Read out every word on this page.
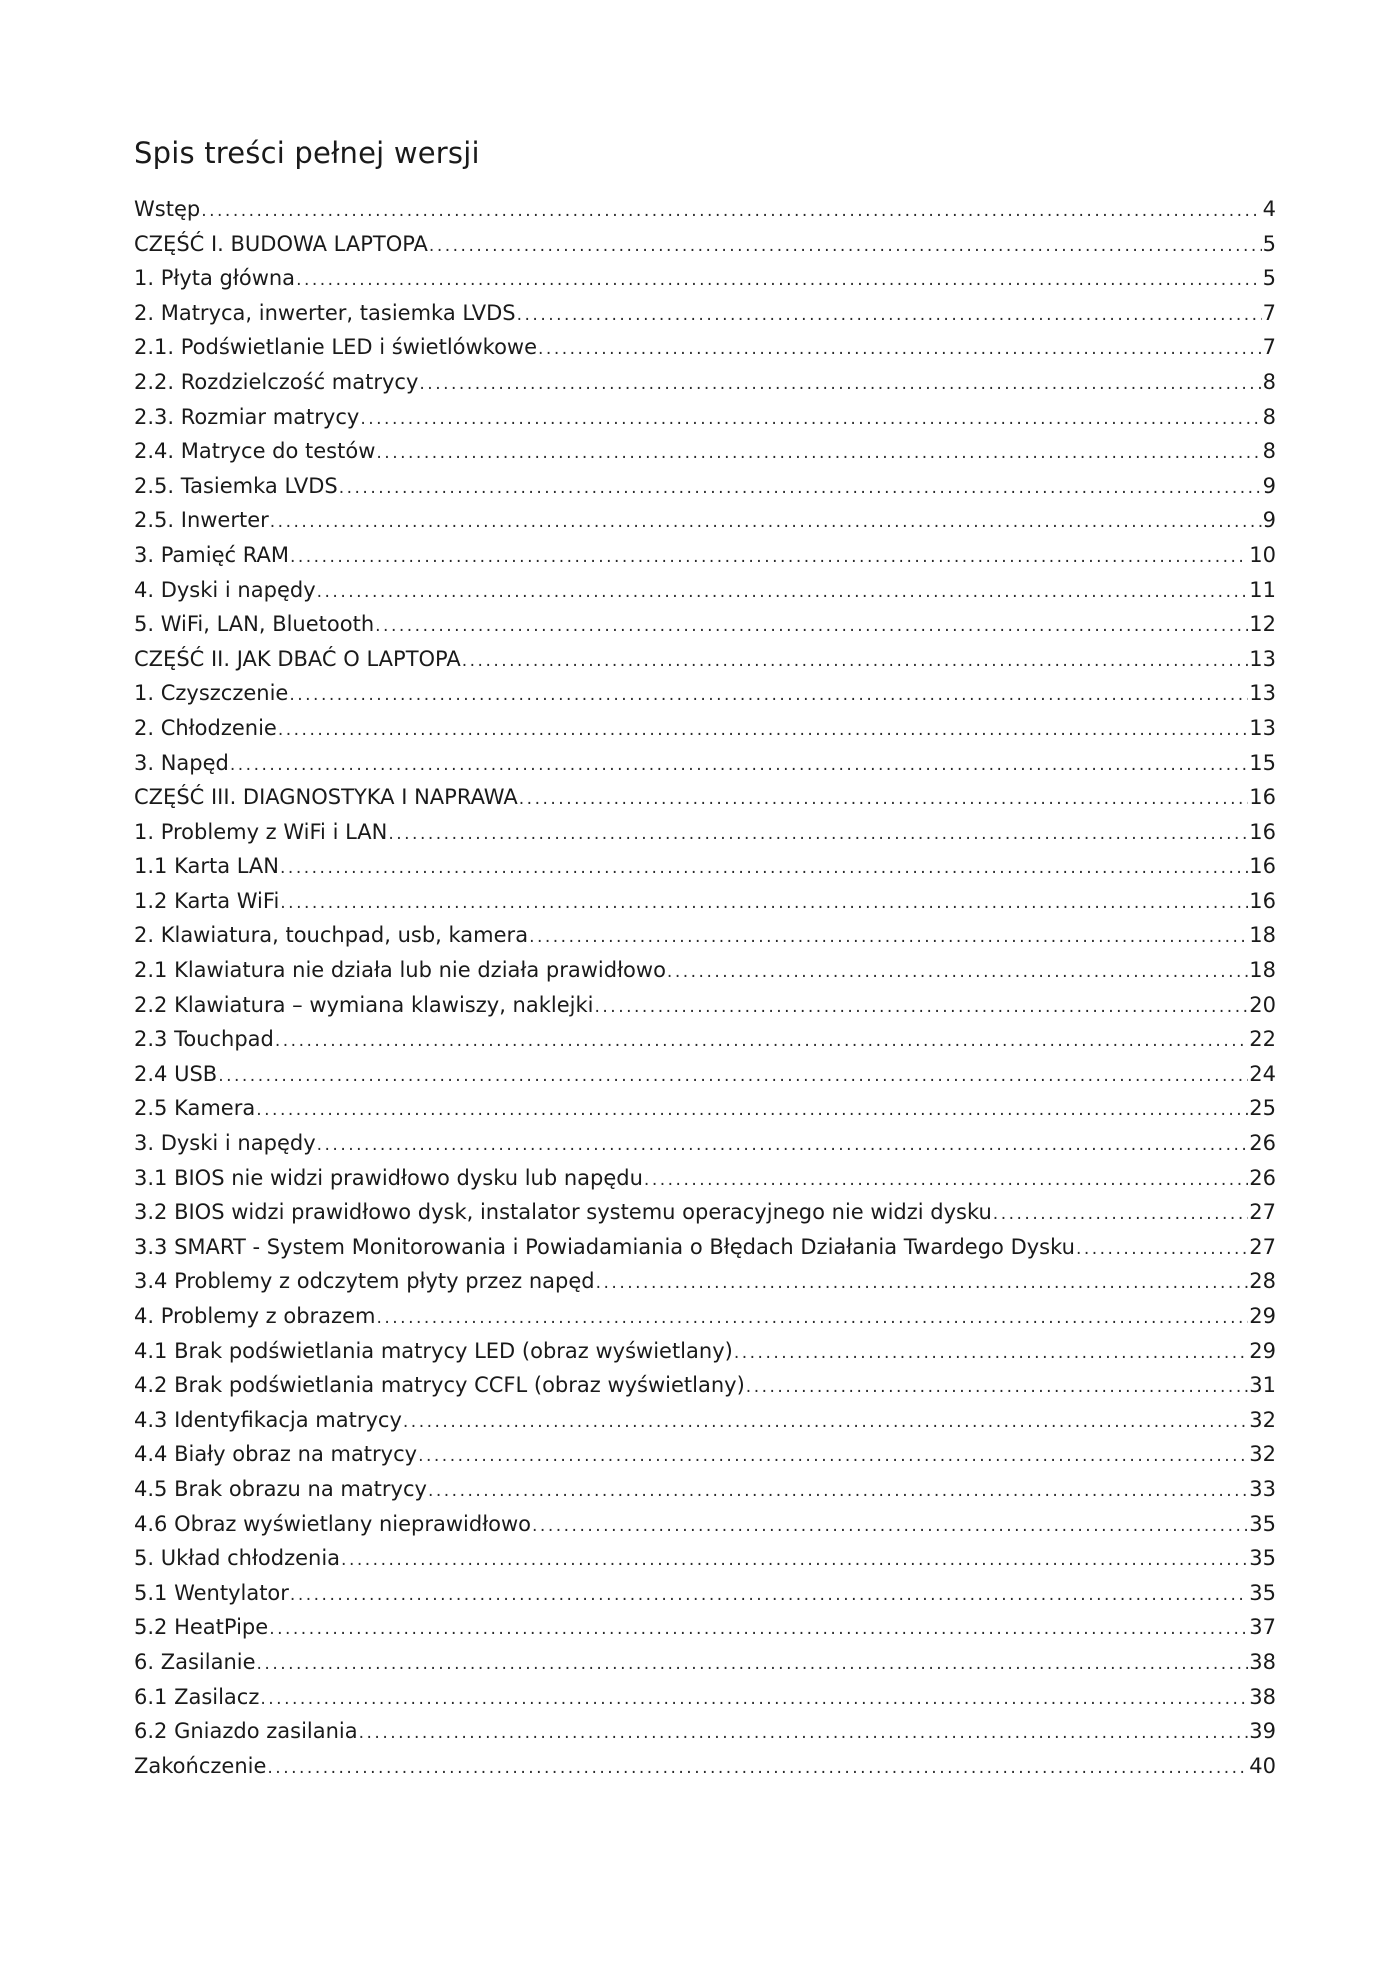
Spis treści pełnej wersji
Wstęp .....	4
CZĘŚĆ I. BUDOWA LAPTOPA .....	5
1. Płyta główna .....	5
2. Matryca, inwerter, tasiemka LVDS .....	7
2.1. Podświetlanie LED i świetlówkowe .....	7
2.2. Rozdzielczość matrycy .....	8
2.3. Rozmiar matrycy .....	8
2.4. Matryce do testów .....	8
2.5. Tasiemka LVDS .....	9
2.5. Inwerter .....	9
3. Pamięć RAM .....	10
4. Dyski i napędy .....	11
5. WiFi, LAN, Bluetooth .....	12
CZĘŚĆ II. JAK DBAĆ O LAPTOPA .....	13
1. Czyszczenie .....	13
2. Chłodzenie .....	13
3. Napęd .....	15
CZĘŚĆ III. DIAGNOSTYKA I NAPRAWA .....	16
1. Problemy z WiFi i LAN .....	16
1.1 Karta LAN .....	16
1.2 Karta WiFi .....	16
2. Klawiatura, touchpad, usb, kamera .....	18
2.1 Klawiatura nie działa lub nie działa prawidłowo .....	18
2.2 Klawiatura – wymiana klawiszy, naklejki .....	20
2.3 Touchpad .....	22
2.4 USB .....	24
2.5 Kamera .....	25
3. Dyski i napędy .....	26
3.1 BIOS nie widzi prawidłowo dysku lub napędu .....	26
3.2 BIOS widzi prawidłowo dysk, instalator systemu operacyjnego nie widzi dysku .....	27
3.3 SMART - System Monitorowania i Powiadamiania o Błędach Działania Twardego Dysku .....	27
3.4 Problemy z odczytem płyty przez napęd .....	28
4. Problemy z obrazem .....	29
4.1 Brak podświetlania matrycy LED (obraz wyświetlany) .....	29
4.2 Brak podświetlania matrycy CCFL (obraz wyświetlany) .....	31
4.3 Identyfikacja matrycy .....	32
4.4 Biały obraz na matrycy .....	32
4.5 Brak obrazu na matrycy .....	33
4.6 Obraz wyświetlany nieprawidłowo .....	35
5. Układ chłodzenia .....	35
5.1 Wentylator .....	35
5.2 HeatPipe .....	37
6. Zasilanie .....	38
6.1 Zasilacz .....	38
6.2 Gniazdo zasilania .....	39
Zakończenie .....	40
